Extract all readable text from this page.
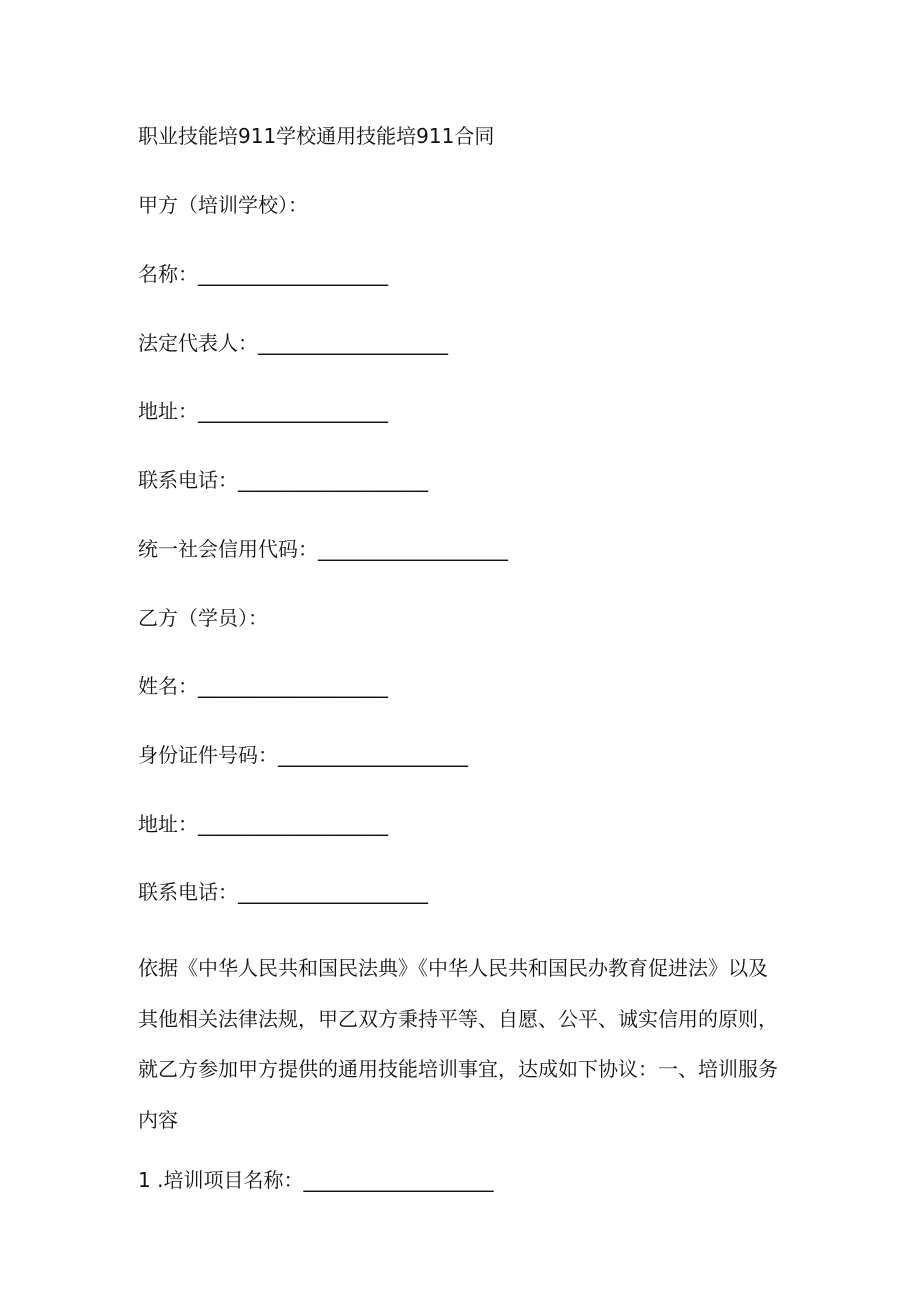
职业技能培911学校通用技能培911合同
甲方（培训学校）：
名称：___________________
法定代表人：___________________
地址：___________________
联系电话：___________________
统一社会信用代码：___________________
乙方（学员）：
姓名：___________________
身份证件号码：___________________
地址：___________________
联系电话：___________________
依据《中华人民共和国民法典》《中华人民共和国民办教育促进法》以及
其他相关法律法规，甲乙双方秉持平等、自愿、公平、诚实信用的原则，
就乙方参加甲方提供的通用技能培训事宜，达成如下协议：一、培训服务
内容
1 .培训项目名称：___________________
